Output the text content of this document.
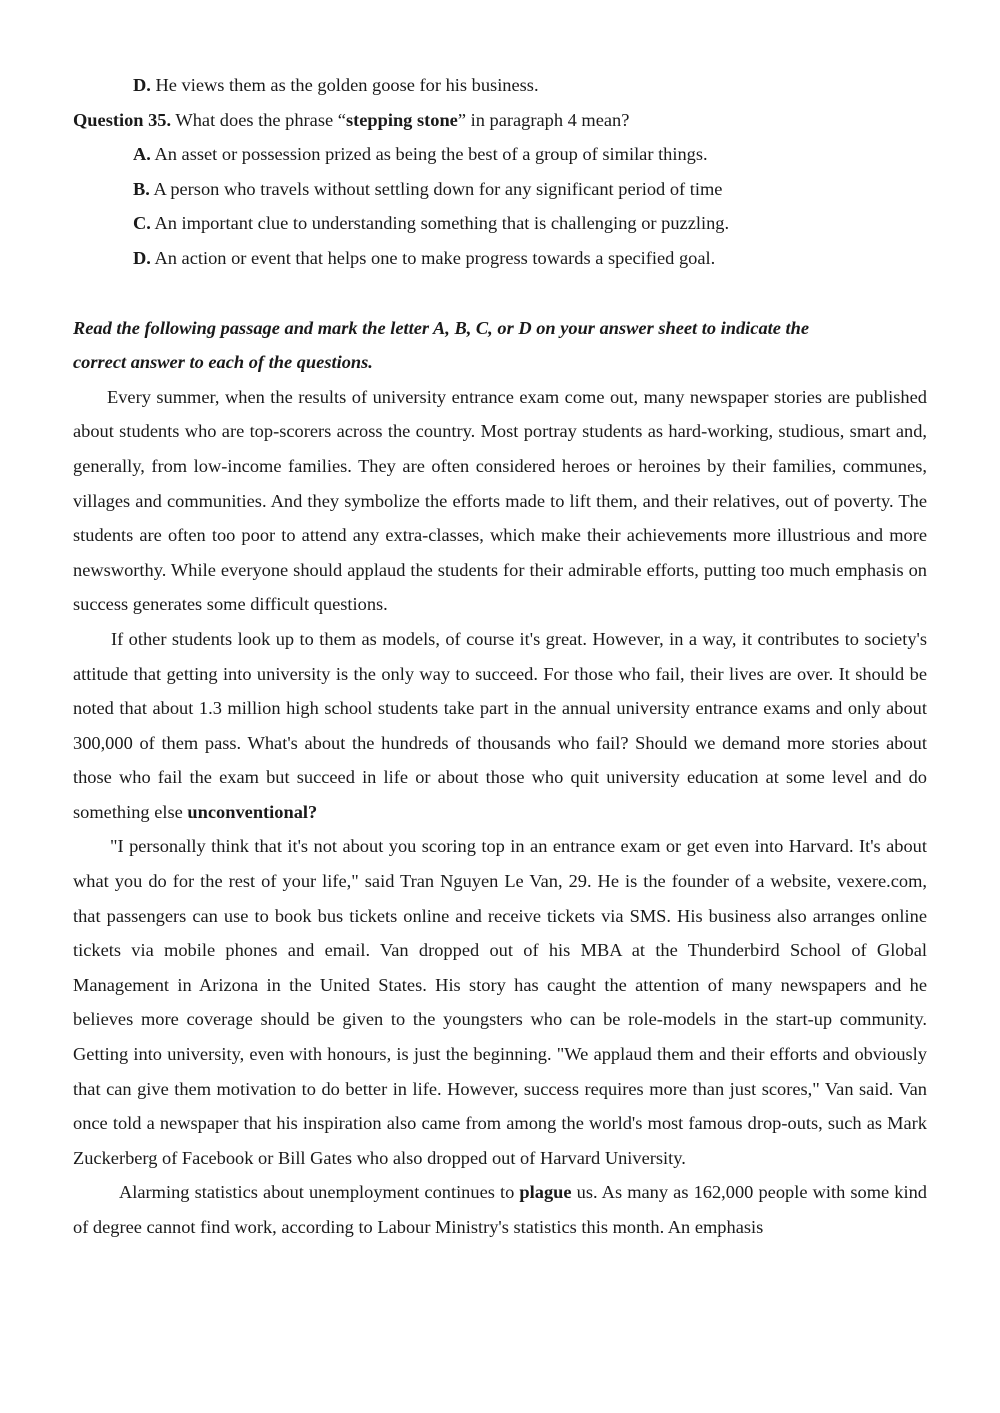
D. He views them as the golden goose for his business.

Question 35. What does the phrase “stepping stone” in paragraph 4 mean?

A. An asset or possession prized as being the best of a group of similar things.

B. A person who travels without settling down for any significant period of time

C. An important clue to understanding something that is challenging or puzzling.

D. An action or event that helps one to make progress towards a specified goal.

Read the following passage and mark the letter A, B, C, or D on your answer sheet to indicate the

correct answer to each of the questions.

Every summer, when the results of university entrance exam come out, many newspaper stories are published about students who are top-scorers across the country. Most portray students as hard-working, studious, smart and, generally, from low-income families. They are often considered heroes or heroines by their families, communes, villages and communities. And they symbolize the efforts made to lift them, and their relatives, out of poverty. The students are often too poor to attend any extra-classes, which make their achievements more illustrious and more newsworthy. While everyone should applaud the students for their admirable efforts, putting too much emphasis on success generates some difficult questions.

If other students look up to them as models, of course it's great. However, in a way, it contributes to society's attitude that getting into university is the only way to succeed. For those who fail, their lives are over. It should be noted that about 1.3 million high school students take part in the annual university entrance exams and only about 300,000 of them pass. What's about the hundreds of thousands who fail? Should we demand more stories about those who fail the exam but succeed in life or about those who quit university education at some level and do something else unconventional?

"I personally think that it's not about you scoring top in an entrance exam or get even into Harvard. It's about what you do for the rest of your life," said Tran Nguyen Le Van, 29. He is the founder of a website, vexere.com, that passengers can use to book bus tickets online and receive tickets via SMS. His business also arranges online tickets via mobile phones and email. Van dropped out of his MBA at the Thunderbird School of Global Management in Arizona in the United States. His story has caught the attention of many newspapers and he believes more coverage should be given to the youngsters who can be role-models in the start-up community. Getting into university, even with honours, is just the beginning. "We applaud them and their efforts and obviously that can give them motivation to do better in life. However, success requires more than just scores," Van said. Van once told a newspaper that his inspiration also came from among the world's most famous drop-outs, such as Mark Zuckerberg of Facebook or Bill Gates who also dropped out of Harvard University.

Alarming statistics about unemployment continues to plague us. As many as 162,000 people with some kind of degree cannot find work, according to Labour Ministry's statistics this month. An emphasis
